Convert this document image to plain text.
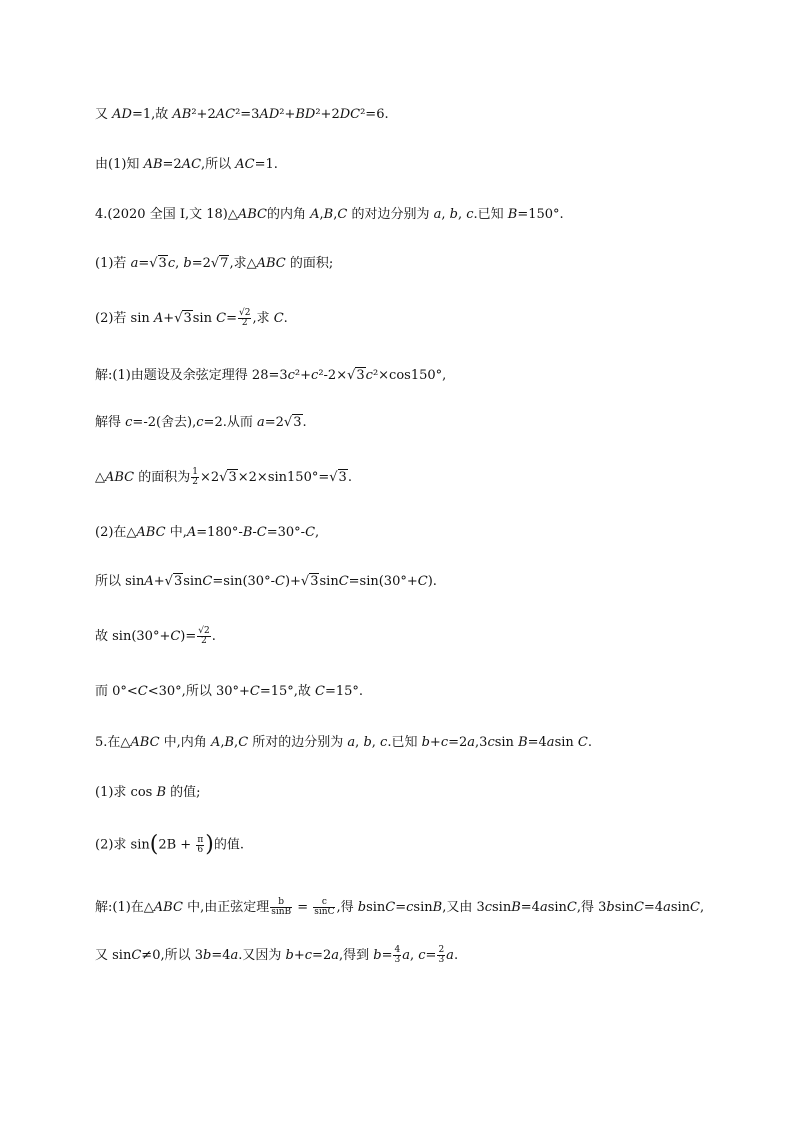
又 AD=1,故 AB²+2AC²=3AD²+BD²+2DC²=6.
由(1)知 AB=2AC,所以 AC=1.
4.(2020 全国 Ⅰ,文 18)△ABC的内角 A,B,C 的对边分别为 a, b, c.已知 B=150°.
(1)若 a=√3c, b=2√7,求△ABC 的面积;
(2)若 sin A+√3sin $C= \frac{√2}{2}$ ,求 C.
解:(1)由题设及余弦定理得 28=3c²+c²-2×√3c²×cos150°,
解得 c=-2(舍去),c=2.从而 a=2√3.
△ABC 的面积为 $\frac{1}{2} \times 2√3\times 2\times\sin 150^\circ=√3$.
(2)在△ABC 中,A=180°-B-C=30°-C,
所以 sinA+√3sinC=sin(30°-C)+√3sinC=sin(30°+C).
故 $\sin(30^\circ+C)= \frac{√2}{2}$ .
而 0°<C<30°,所以 30°+C=15°,故 C=15°.
5.在△ABC 中,内角 A,B,C 所对的边分别为 a, b, c.已知 b+c=2a,3csin B=4asin C.
(1)求 cos B 的值;
(2)求 $\sin(2B + \frac{\pi}{6}$ )的值.
解:(1)在△ABC 中,由正弦定理 $\frac{b}{\sin B} = \frac{c}{\sin C}$ ,得 bsinC=csinB,又由 3csinB=4asinC,得 3bsinC=4asinC,
又 sinC≠0,所以 3b=4a.又因为 b+c=2a,得到 $b= \frac{4}{3} a$, $c= \frac{2}{3} a$.
